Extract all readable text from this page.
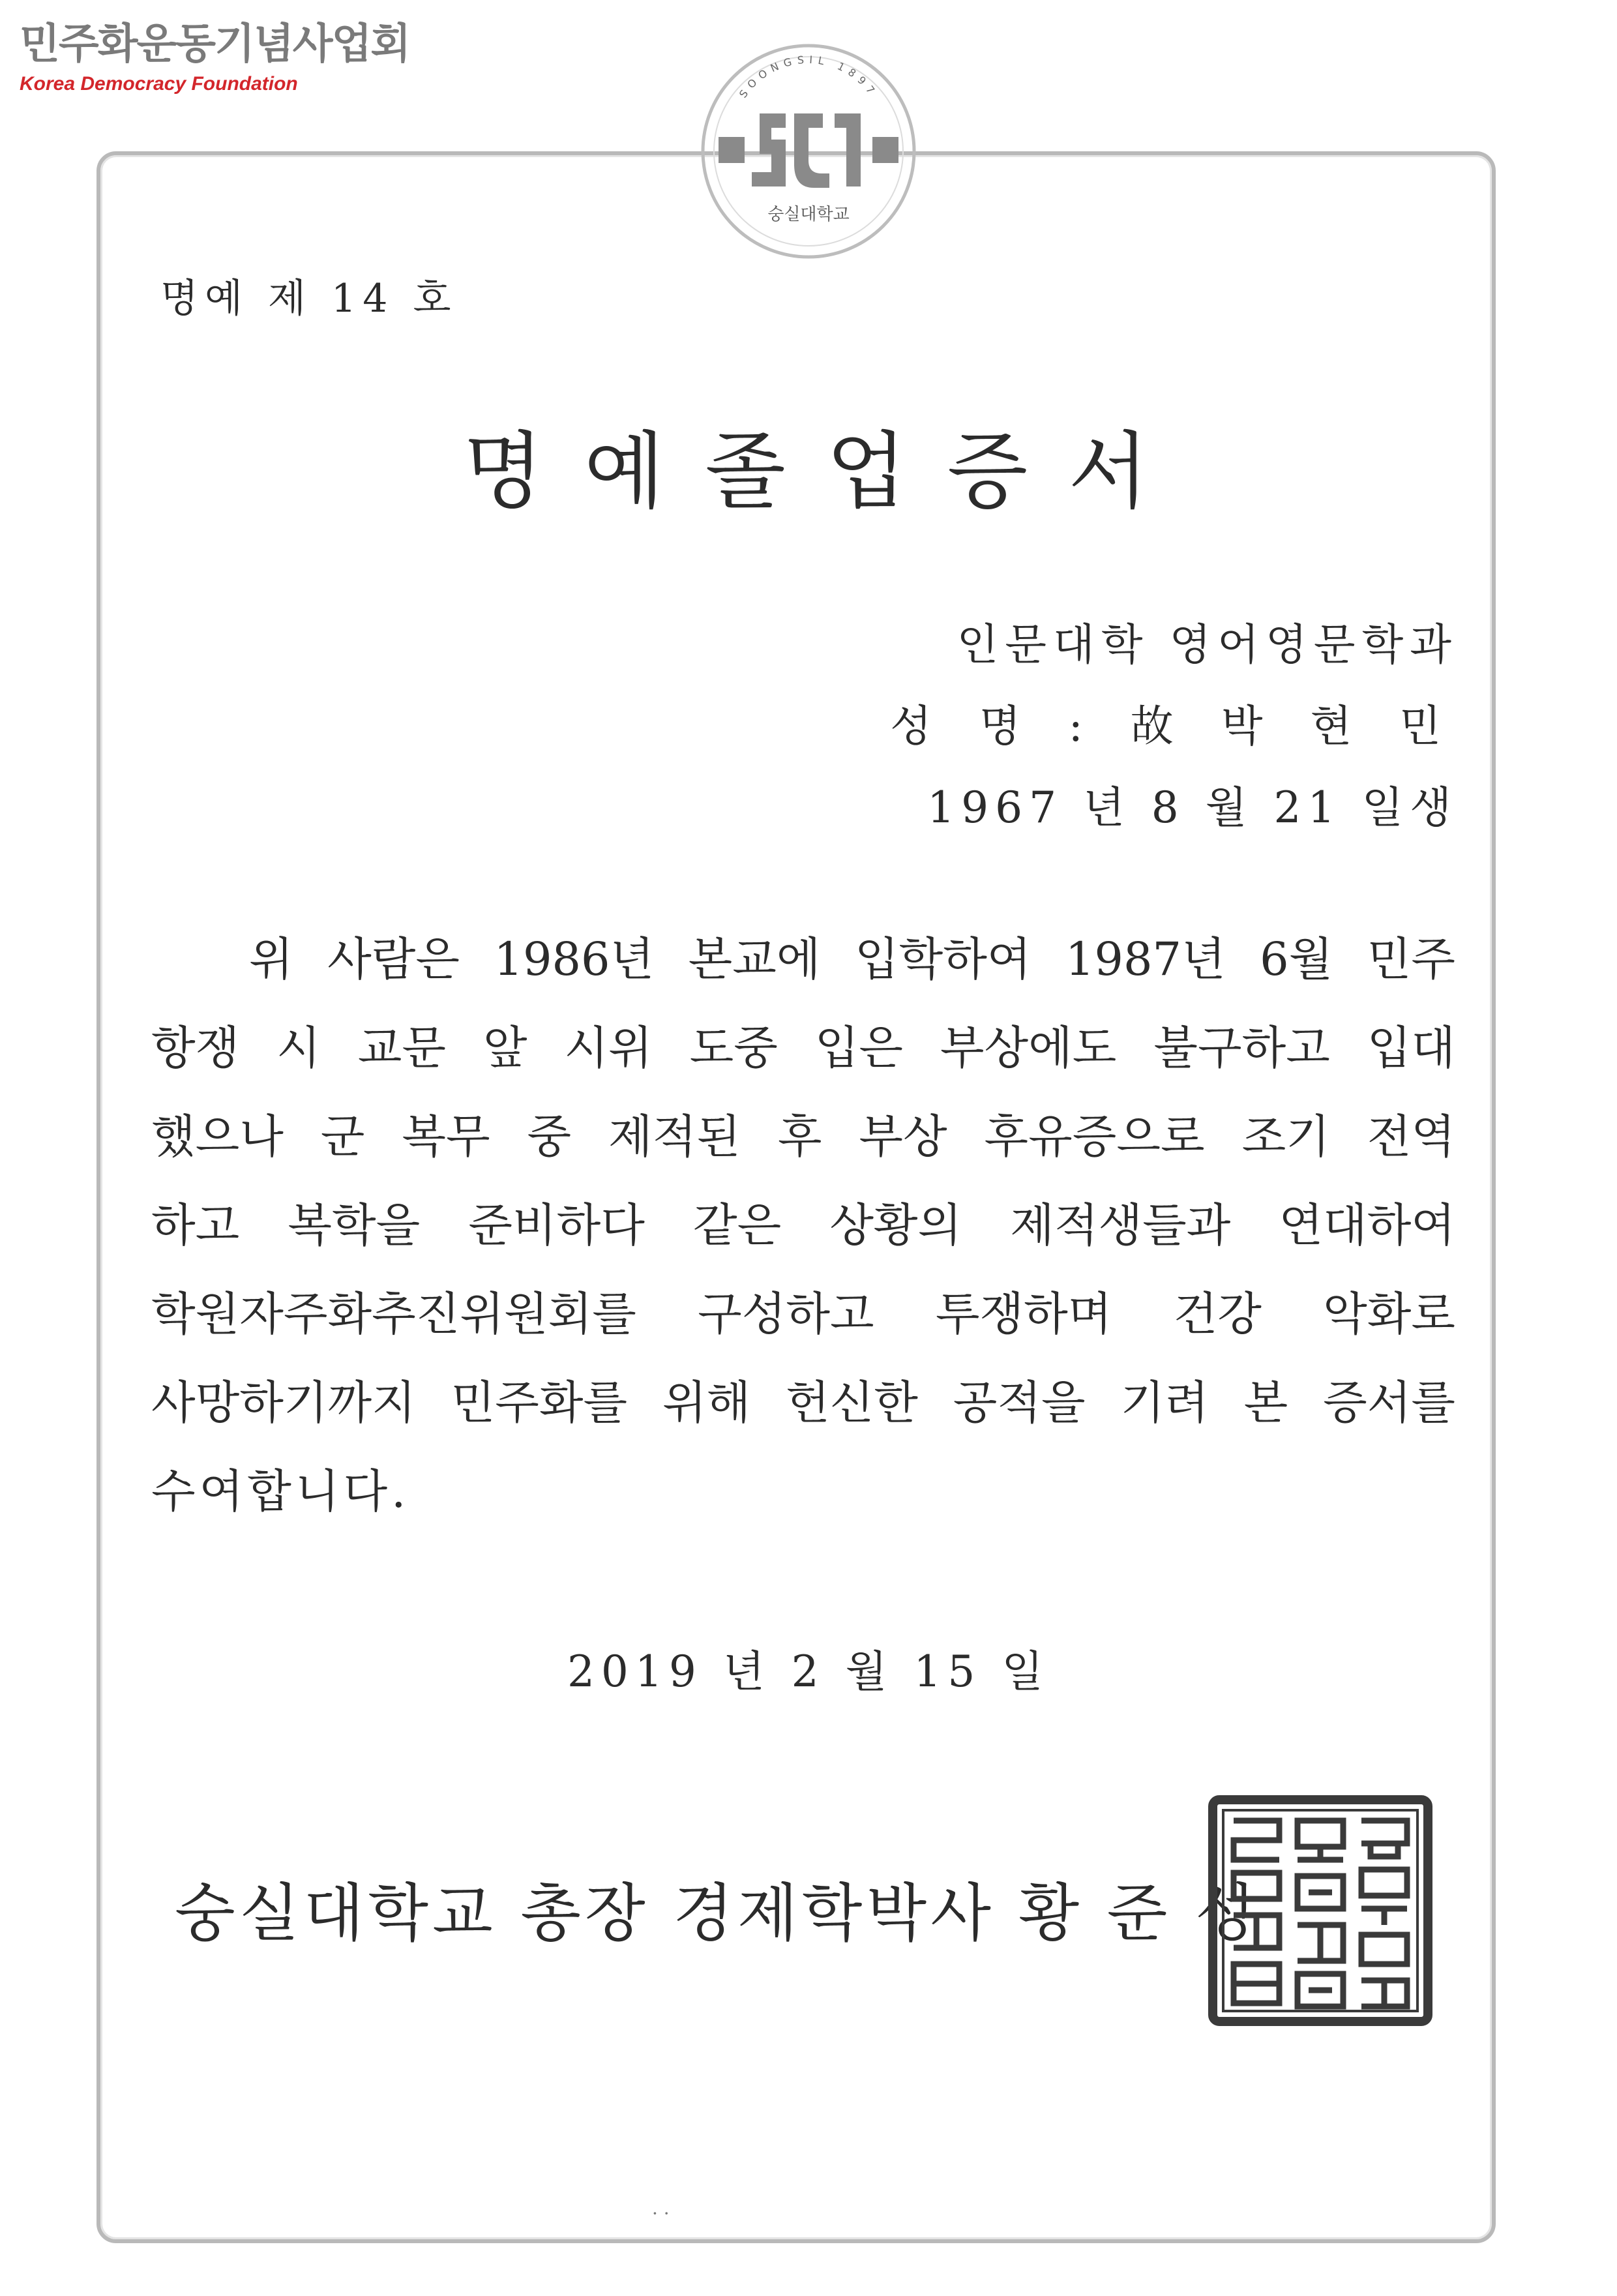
민주화운동기념사업회
Korea Democracy Foundation	SOONGSIL 1897
숭실대학교
명예 제 14 호
명예졸업증서
인문대학 영어영문학과
성 명 : 故 박 현 민
1967 년 8 월 21 일생
위 사람은 1986년 본교에 입학하여 1987년 6월 민주
항쟁 시 교문 앞 시위 도중 입은 부상에도 불구하고 입대
했으나 군 복무 중 제적된 후 부상 후유증으로 조기 전역
하고 복학을 준비하다 같은 상황의 제적생들과 연대하여
학원자주화추진위원회를 구성하고 투쟁하며 건강 악화로
사망하기까지 민주화를 위해 헌신한 공적을 기려 본 증서를
수여합니다.
2019 년 2 월 15 일
숭실대학교 총장 경제학박사 황 준 성
· ·
